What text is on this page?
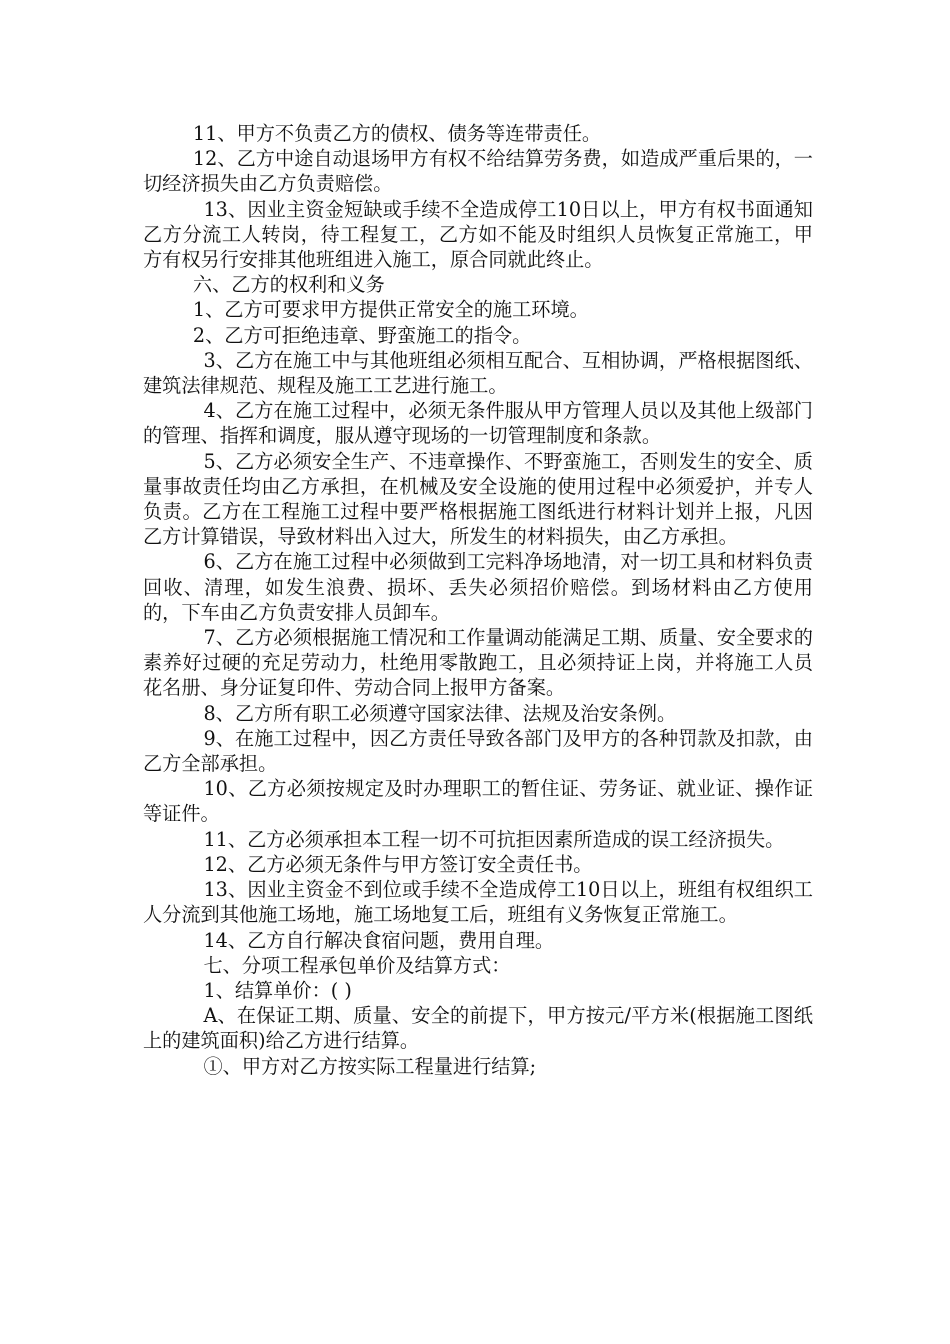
11、甲方不负责乙方的债权、债务等连带责任。

12、乙方中途自动退场甲方有权不给结算劳务费，如造成严重后果的，一切经济损失由乙方负责赔偿。

13、因业主资金短缺或手续不全造成停工10日以上，甲方有权书面通知乙方分流工人转岗，待工程复工，乙方如不能及时组织人员恢复正常施工，甲方有权另行安排其他班组进入施工，原合同就此终止。

六、乙方的权利和义务

1、乙方可要求甲方提供正常安全的施工环境。

2、乙方可拒绝违章、野蛮施工的指令。

3、乙方在施工中与其他班组必须相互配合、互相协调，严格根据图纸、建筑法律规范、规程及施工工艺进行施工。

4、乙方在施工过程中，必须无条件服从甲方管理人员以及其他上级部门的管理、指挥和调度，服从遵守现场的一切管理制度和条款。

5、乙方必须安全生产、不违章操作、不野蛮施工，否则发生的安全、质量事故责任均由乙方承担，在机械及安全设施的使用过程中必须爱护，并专人负责。乙方在工程施工过程中要严格根据施工图纸进行材料计划并上报，凡因乙方计算错误，导致材料出入过大，所发生的材料损失，由乙方承担。

6、乙方在施工过程中必须做到工完料净场地清，对一切工具和材料负责回收、清理，如发生浪费、损坏、丢失必须招价赔偿。到场材料由乙方使用的，下车由乙方负责安排人员卸车。

7、乙方必须根据施工情况和工作量调动能满足工期、质量、安全要求的素养好过硬的充足劳动力，杜绝用零散跑工，且必须持证上岗，并将施工人员花名册、身分证复印件、劳动合同上报甲方备案。

8、乙方所有职工必须遵守国家法律、法规及治安条例。

9、在施工过程中，因乙方责任导致各部门及甲方的各种罚款及扣款，由乙方全部承担。

10、乙方必须按规定及时办理职工的暂住证、劳务证、就业证、操作证等证件。

11、乙方必须承担本工程一切不可抗拒因素所造成的误工经济损失。

12、乙方必须无条件与甲方签订安全责任书。

13、因业主资金不到位或手续不全造成停工10日以上，班组有权组织工人分流到其他施工场地，施工场地复工后，班组有义务恢复正常施工。

14、乙方自行解决食宿问题，费用自理。

七、分项工程承包单价及结算方式：

1、结算单价：( )

A、在保证工期、质量、安全的前提下，甲方按元/平方米(根据施工图纸上的建筑面积)给乙方进行结算。

①、甲方对乙方按实际工程量进行结算;
